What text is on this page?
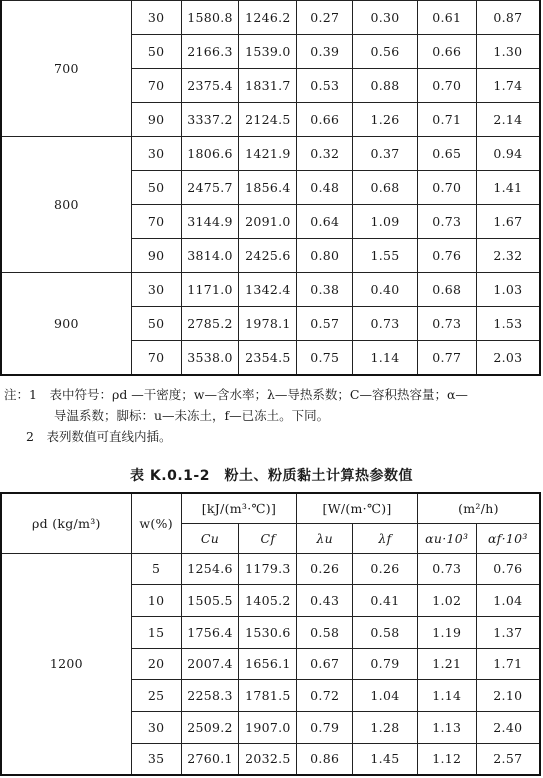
700	30	1580.8	1246.2	0.27	0.30	0.61	0.87
	50	2166.3	1539.0	0.39	0.56	0.66	1.30
	70	2375.4	1831.7	0.53	0.88	0.70	1.74
	90	3337.2	2124.5	0.66	1.26	0.71	2.14
800	30	1806.6	1421.9	0.32	0.37	0.65	0.94
	50	2475.7	1856.4	0.48	0.68	0.70	1.41
	70	3144.9	2091.0	0.64	1.09	0.73	1.67
	90	3814.0	2425.6	0.80	1.55	0.76	2.32
900	30	1171.0	1342.4	0.38	0.40	0.68	1.03
	50	2785.2	1978.1	0.57	0.73	0.73	1.53
	70	3538.0	2354.5	0.75	1.14	0.77	2.03
注：1　表中符号：ρd —干密度；w—含水率；λ—导热系数；C—容积热容量；α—
导温系数；脚标：u—未冻土，f—已冻土。下同。
2　表列数值可直线内插。
表 K.0.1-2　粉土、粉质黏土计算热参数值
ρd (kg/m³)	w(%)	[kJ/(m³·℃)]		[W/(m·℃)]		(m²/h)	
		Cu	Cf	λu	λf	αu·10³	αf·10³
1200	5	1254.6	1179.3	0.26	0.26	0.73	0.76
	10	1505.5	1405.2	0.43	0.41	1.02	1.04
	15	1756.4	1530.6	0.58	0.58	1.19	1.37
	20	2007.4	1656.1	0.67	0.79	1.21	1.71
	25	2258.3	1781.5	0.72	1.04	1.14	2.10
	30	2509.2	1907.0	0.79	1.28	1.13	2.40
	35	2760.1	2032.5	0.86	1.45	1.12	2.57
